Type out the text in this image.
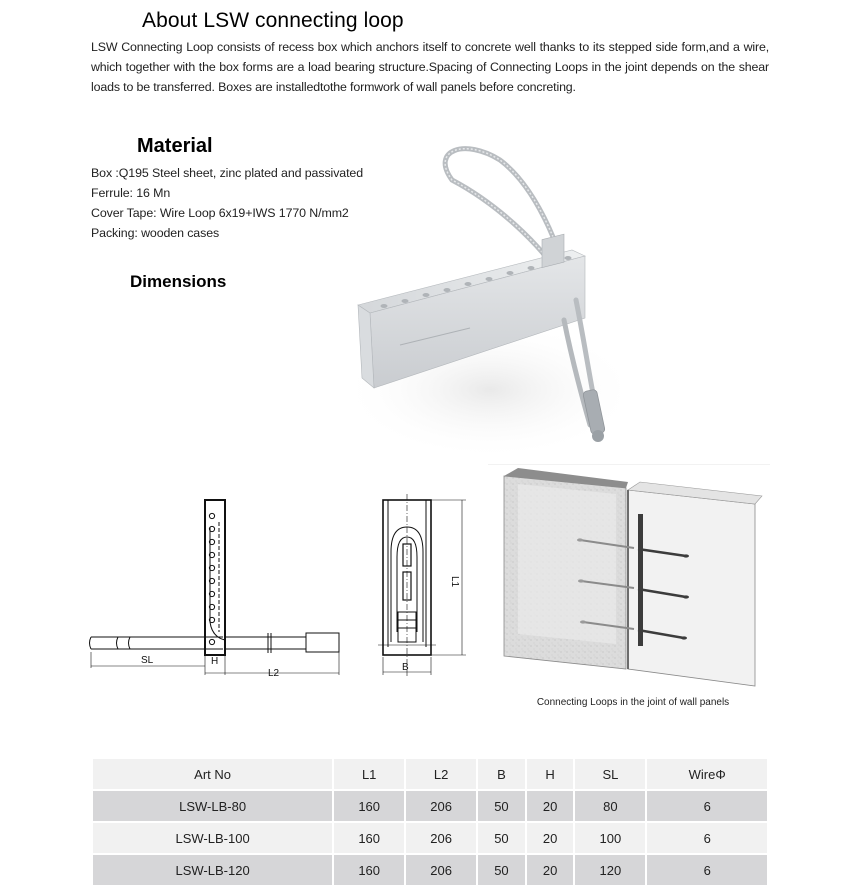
About LSW connecting loop

LSW Connecting Loop consists of recess box which anchors itself to concrete well thanks to its stepped side form,and a wire, which together with the box forms are a load bearing structure.Spacing of Connecting Loops in the joint depends on the shear loads to be transferred. Boxes are installedtothe formwork of wall panels before concreting.

Material
Box :Q195 Steel sheet, zinc plated and passivated
Ferrule: 16 Mn
Cover Tape: Wire Loop 6x19+IWS 1770 N/mm2
Packing: wooden cases
Dimensions
SL	H
L2
B
L1
Connecting Loops in the joint of wall panels
Art No	L1	L2	B	H	SL	WireΦ
LSW-LB-80	160	206	50	20	80	6
LSW-LB-100	160	206	50	20	100	6
LSW-LB-120	160	206	50	20	120	6
